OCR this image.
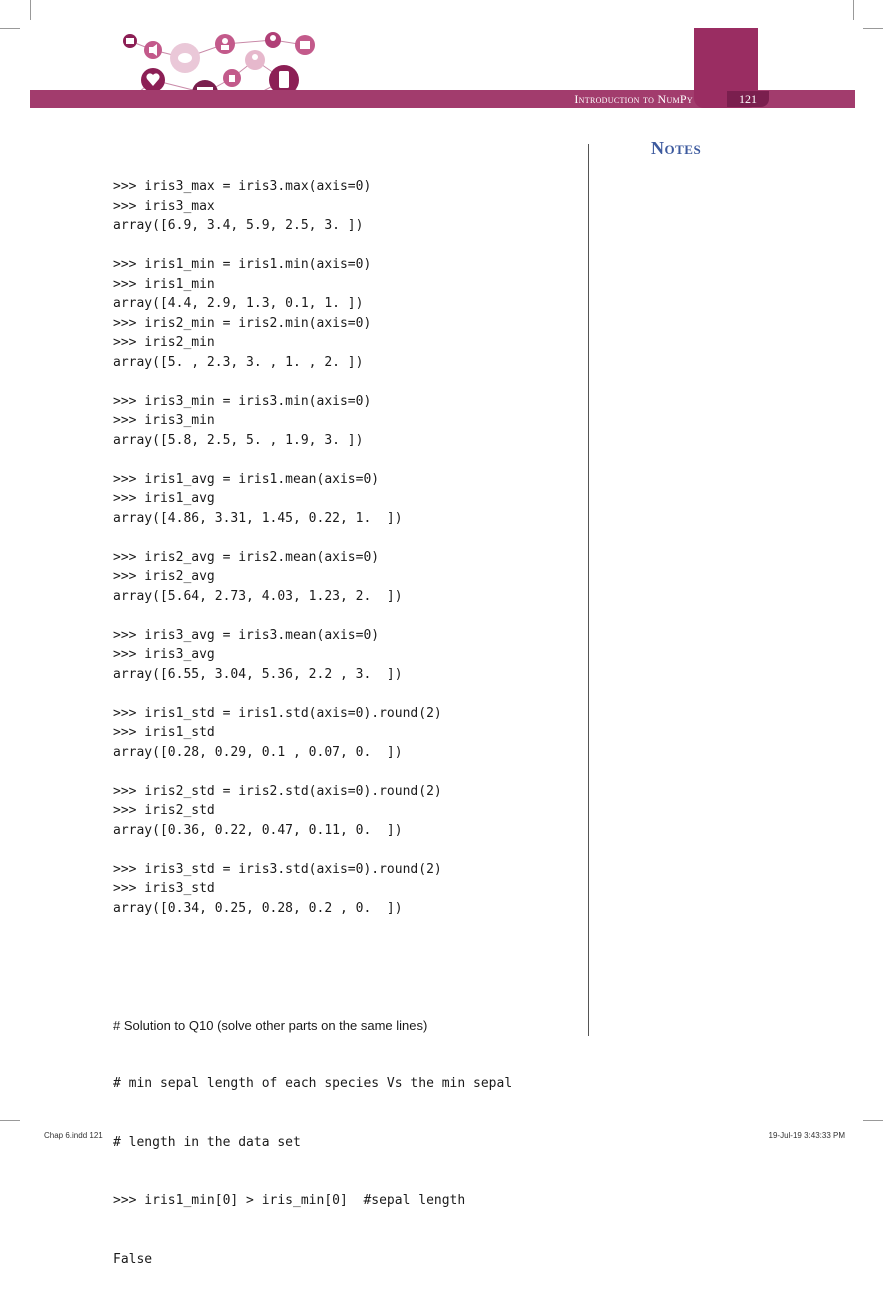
Introduction to NumPy	121

>>> iris3_max = iris3.max(axis=0)
>>> iris3_max
array([6.9, 3.4, 5.9, 2.5, 3. ])
>>> iris1_min = iris1.min(axis=0)
>>> iris1_min
array([4.4, 2.9, 1.3, 0.1, 1. ])
>>> iris2_min = iris2.min(axis=0)
>>> iris2_min
array([5. , 2.3, 3. , 1. , 2. ])
>>> iris3_min = iris3.min(axis=0)
>>> iris3_min
array([5.8, 2.5, 5. , 1.9, 3. ])
>>> iris1_avg = iris1.mean(axis=0)
>>> iris1_avg
array([4.86, 3.31, 1.45, 0.22, 1.  ])
>>> iris2_avg = iris2.mean(axis=0)
>>> iris2_avg
array([5.64, 2.73, 4.03, 1.23, 2.  ])
>>> iris3_avg = iris3.mean(axis=0)
>>> iris3_avg
array([6.55, 3.04, 5.36, 2.2 , 3.  ])
>>> iris1_std = iris1.std(axis=0).round(2)
>>> iris1_std
array([0.28, 0.29, 0.1 , 0.07, 0.  ])
>>> iris2_std = iris2.std(axis=0).round(2)
>>> iris2_std
array([0.36, 0.22, 0.47, 0.11, 0.  ])
>>> iris3_std = iris3.std(axis=0).round(2)
>>> iris3_std
array([0.34, 0.25, 0.28, 0.2 , 0.  ])

# Solution to Q10 (solve other parts on the same lines)

# min sepal length of each species Vs the min sepal

# length in the data set

>>> iris1_min[0] > iris_min[0]  #sepal length

False

Notes
Chap 6.indd 121	19-Jul-19 3:43:33 PM
